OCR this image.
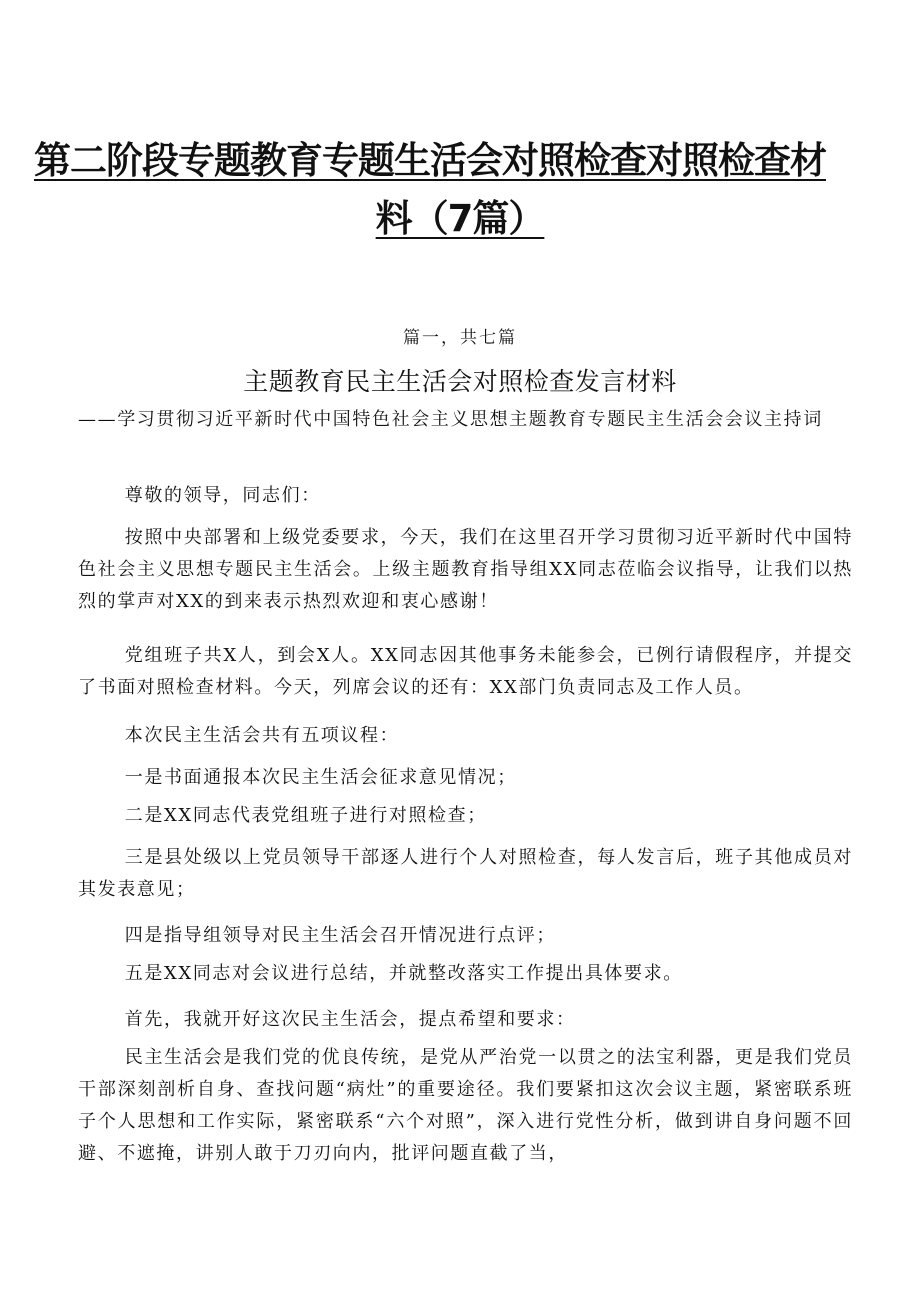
第二阶段专题教育专题生活会对照检查对照检查材
料（7篇）
篇一，共七篇
主题教育民主生活会对照检查发言材料

——学习贯彻习近平新时代中国特色社会主义思想主题教育专题民主生活会会议主持词

尊敬的领导，同志们：

按照中央部署和上级党委要求，今天，我们在这里召开学习贯彻习近平新时代中国特色社会主义思想专题民主生活会。上级主题教育指导组XX同志莅临会议指导，让我们以热烈的掌声对XX的到来表示热烈欢迎和衷心感谢！

党组班子共X人，到会X人。XX同志因其他事务未能参会，已例行请假程序，并提交了书面对照检查材料。今天，列席会议的还有：XX部门负责同志及工作人员。

本次民主生活会共有五项议程：

一是书面通报本次民主生活会征求意见情况；

二是XX同志代表党组班子进行对照检查；

三是县处级以上党员领导干部逐人进行个人对照检查，每人发言后，班子其他成员对其发表意见；

四是指导组领导对民主生活会召开情况进行点评；

五是XX同志对会议进行总结，并就整改落实工作提出具体要求。

首先，我就开好这次民主生活会，提点希望和要求：

民主生活会是我们党的优良传统，是党从严治党一以贯之的法宝利器，更是我们党员干部深刻剖析自身、查找问题“病灶”的重要途径。我们要紧扣这次会议主题，紧密联系班子个人思想和工作实际，紧密联系“六个对照”，深入进行党性分析，做到讲自身问题不回避、不遮掩，讲别人敢于刀刃向内，批评问题直截了当，
